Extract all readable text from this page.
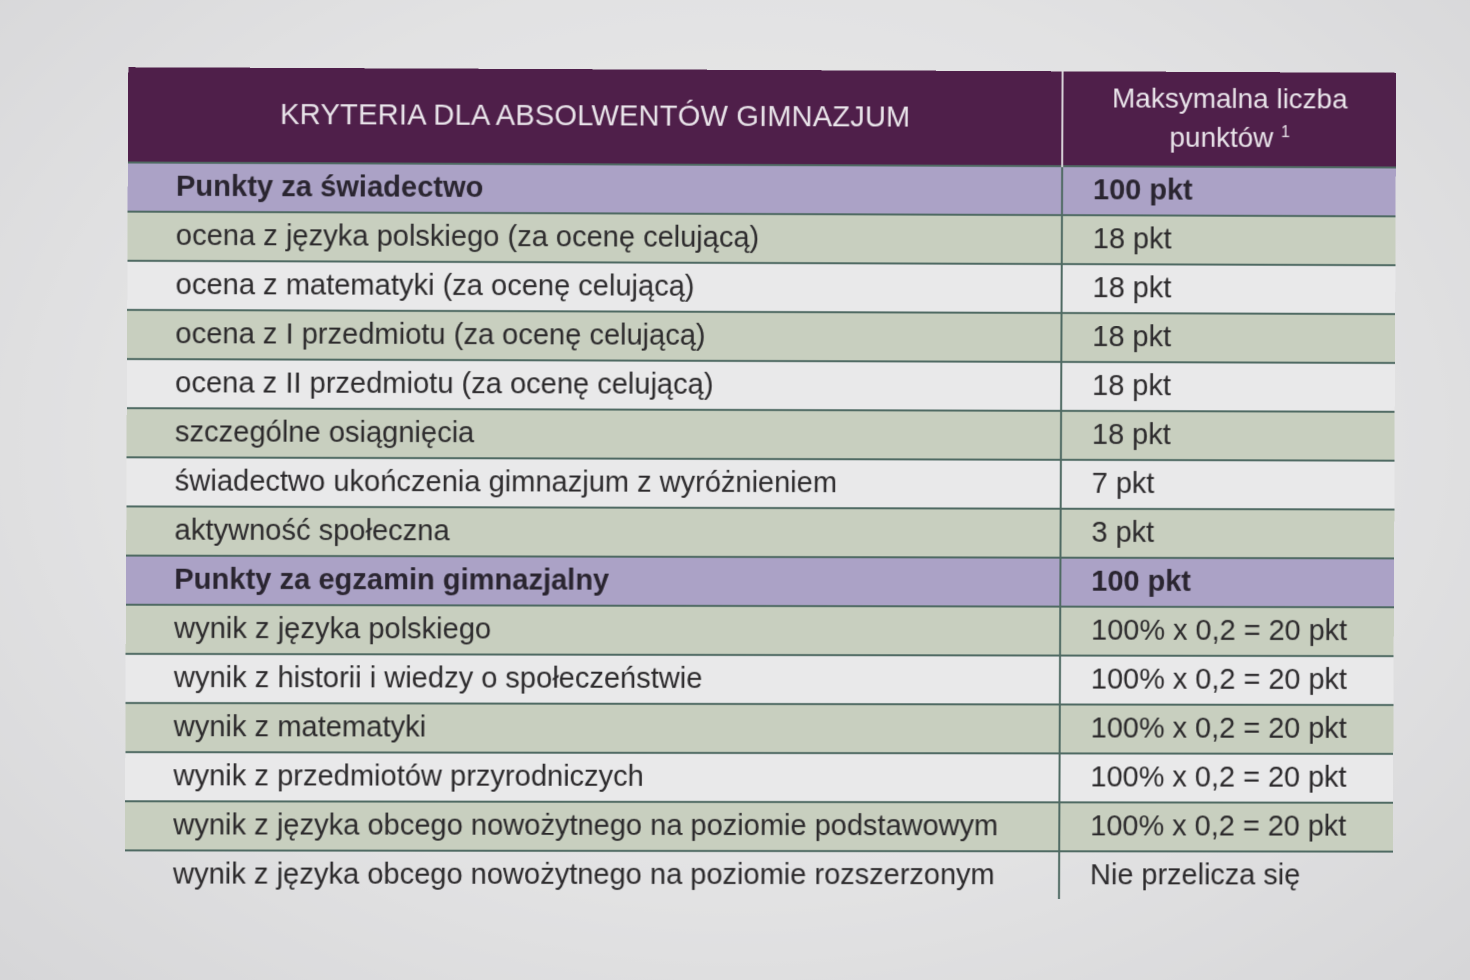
KRYTERIA DLA ABSOLWENTÓW GIMNAZJUM	Maksymalna liczba
punktów $^1$
Punkty za świadectwo	100 pkt
ocena z języka polskiego (za ocenę celującą)	18 pkt
ocena z matematyki (za ocenę celującą)	18 pkt
ocena z I przedmiotu (za ocenę celującą)	18 pkt
ocena z II przedmiotu (za ocenę celującą)	18 pkt
szczególne osiągnięcia	18 pkt
świadectwo ukończenia gimnazjum z wyróżnieniem	7 pkt
aktywność społeczna	3 pkt
Punkty za egzamin gimnazjalny	100 pkt
wynik z języka polskiego	100% x 0,2 = 20 pkt
wynik z historii i wiedzy o społeczeństwie	100% x 0,2 = 20 pkt
wynik z matematyki	100% x 0,2 = 20 pkt
wynik z przedmiotów przyrodniczych	100% x 0,2 = 20 pkt
wynik z języka obcego nowożytnego na poziomie podstawowym	100% x 0,2 = 20 pkt
wynik z języka obcego nowożytnego na poziomie rozszerzonym	Nie przelicza się
